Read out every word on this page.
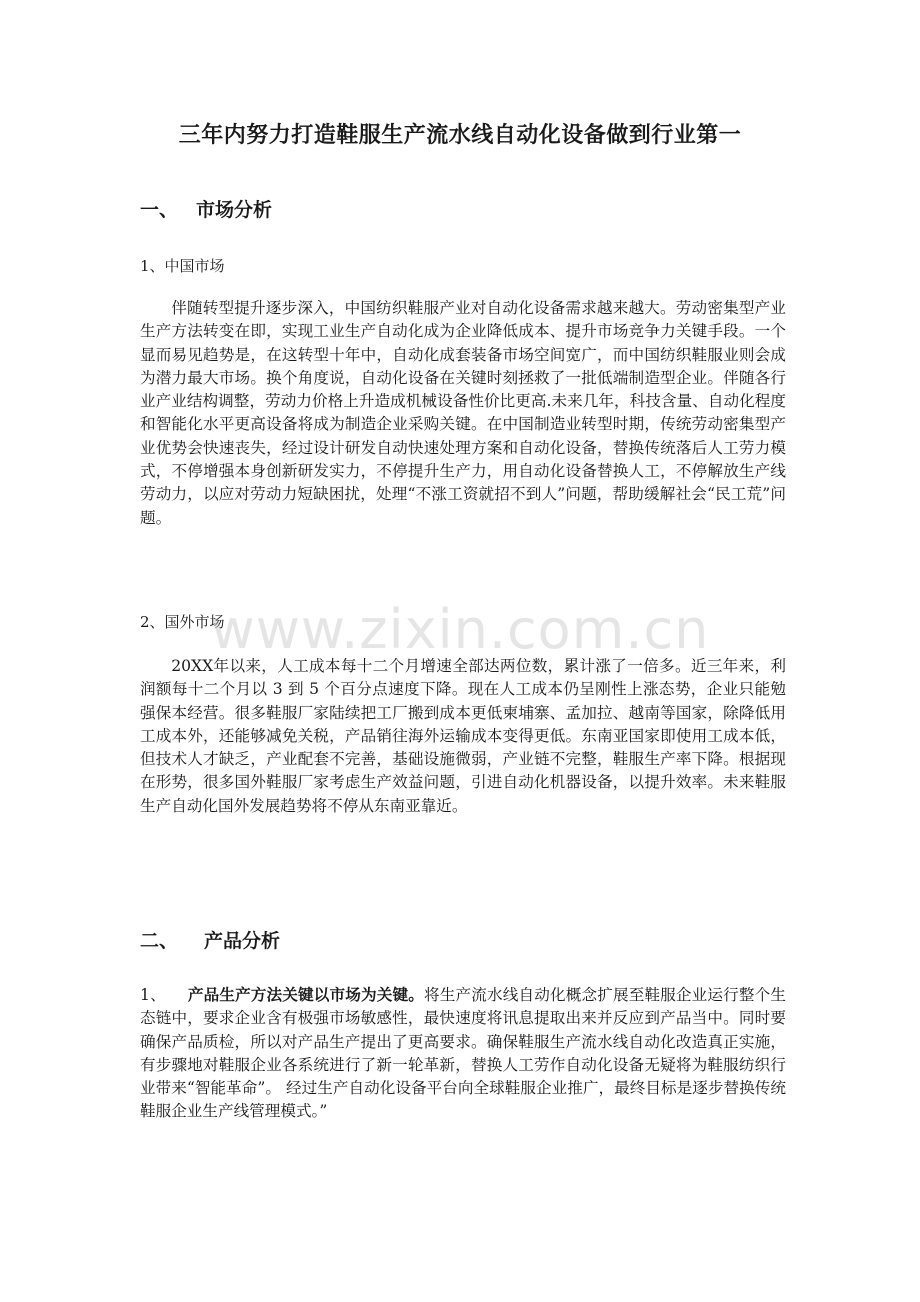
三年内努力打造鞋服生产流水线自动化设备做到行业第一
一、 市场分析

1、中国市场

伴随转型提升逐步深入，中国纺织鞋服产业对自动化设备需求越来越大。劳动密集型产业生产方法转变在即，实现工业生产自动化成为企业降低成本、提升市场竞争力关键手段。一个显而易见趋势是，在这转型十年中，自动化成套装备市场空间宽广，而中国纺织鞋服业则会成为潜力最大市场。换个角度说，自动化设备在关键时刻拯救了一批低端制造型企业。伴随各行业产业结构调整，劳动力价格上升造成机械设备性价比更高.未来几年，科技含量、自动化程度和智能化水平更高设备将成为制造企业采购关键。在中国制造业转型时期，传统劳动密集型产业优势会快速丧失，经过设计研发自动快速处理方案和自动化设备，替换传统落后人工劳力模式，不停增强本身创新研发实力，不停提升生产力，用自动化设备替换人工，不停解放生产线劳动力，以应对劳动力短缺困扰，处理“不涨工资就招不到人”问题，帮助缓解社会“民工荒”问题。

2、国外市场

www.zixin.com.cn

20XX年以来，人工成本每十二个月增速全部达两位数，累计涨了一倍多。近三年来，利润额每十二个月以 3 到 5 个百分点速度下降。现在人工成本仍呈刚性上涨态势，企业只能勉强保本经营。很多鞋服厂家陆续把工厂搬到成本更低柬埔寨、孟加拉、越南等国家，除降低用工成本外，还能够减免关税，产品销往海外运输成本变得更低。东南亚国家即使用工成本低，但技术人才缺乏，产业配套不完善，基础设施微弱，产业链不完整，鞋服生产率下降。根据现在形势，很多国外鞋服厂家考虑生产效益问题，引进自动化机器设备，以提升效率。未来鞋服生产自动化国外发展趋势将不停从东南亚靠近。

二、 产品分析

1、 产品生产方法关键以市场为关键。将生产流水线自动化概念扩展至鞋服企业运行整个生态链中，要求企业含有极强市场敏感性，最快速度将讯息提取出来并反应到产品当中。同时要确保产品质检，所以对产品生产提出了更高要求。确保鞋服生产流水线自动化改造真正实施，有步骤地对鞋服企业各系统进行了新一轮革新，替换人工劳作自动化设备无疑将为鞋服纺织行业带来“智能革命”。 经过生产自动化设备平台向全球鞋服企业推广，最终目标是逐步替换传统鞋服企业生产线管理模式。”
